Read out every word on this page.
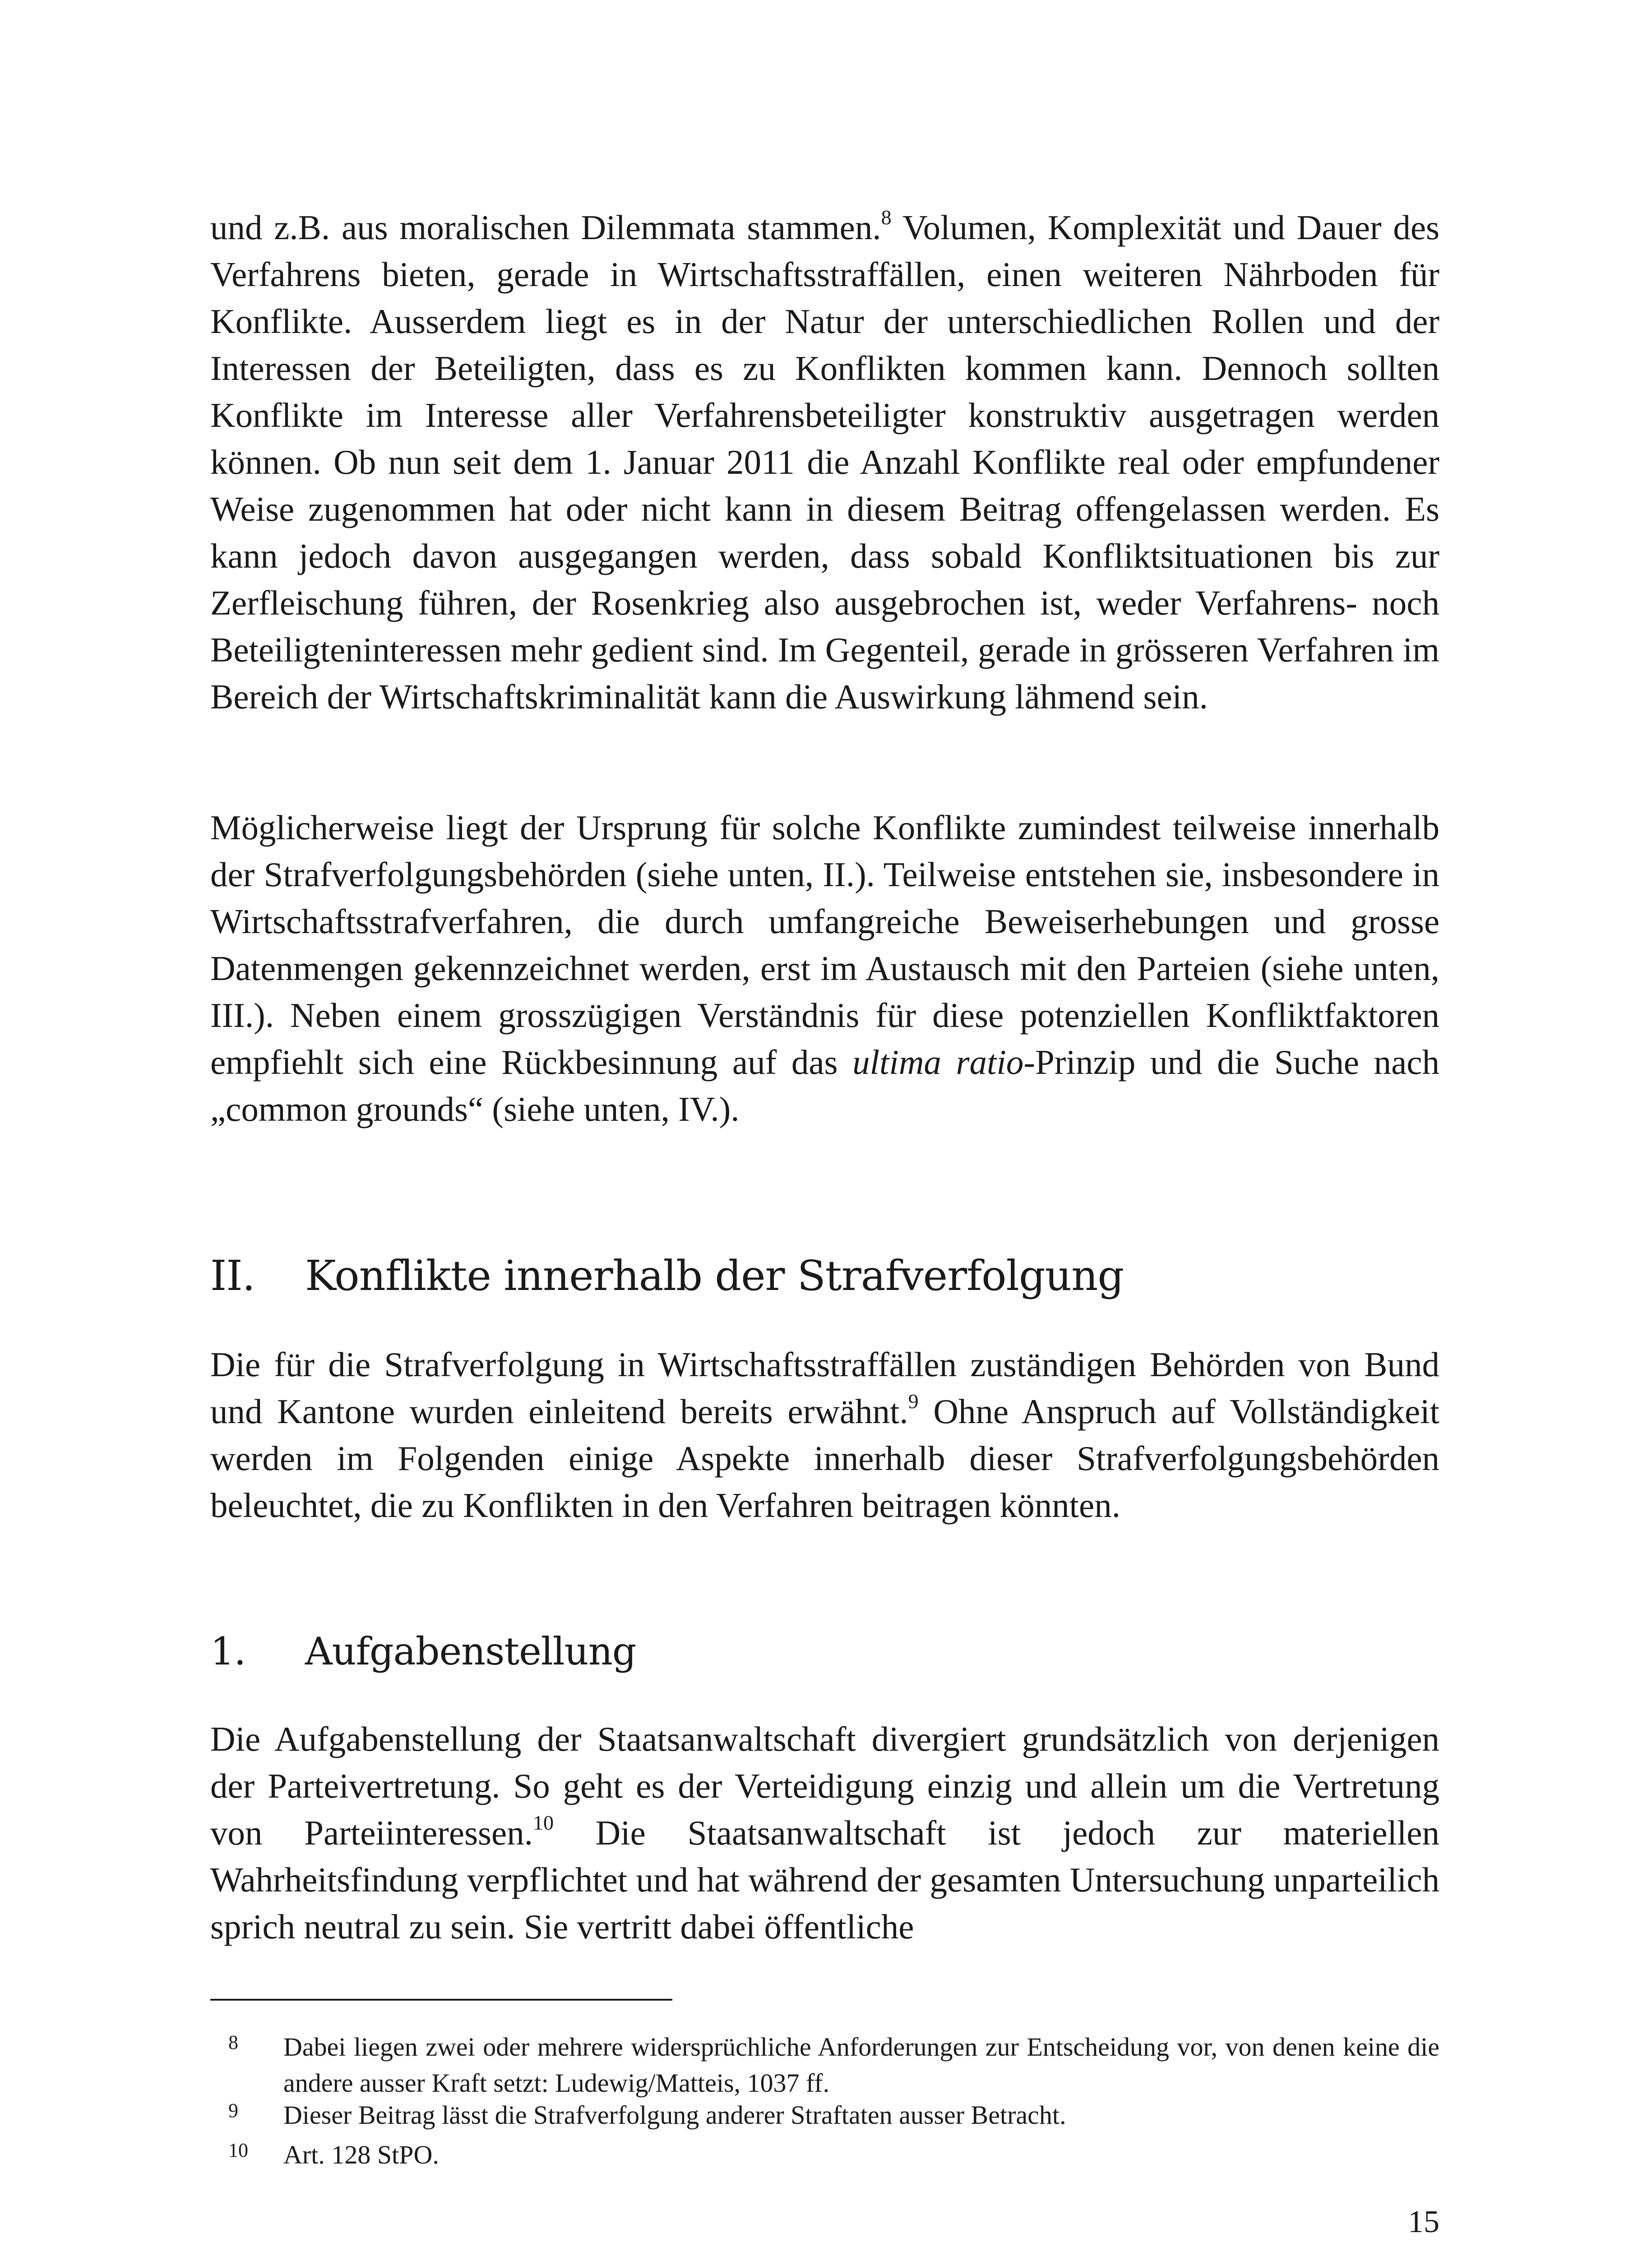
und z.B. aus moralischen Dilemmata stammen.$^8$ Volumen, Komplexität und Dauer des Verfahrens bieten, gerade in Wirtschaftsstraffällen, einen weiteren Nährboden für Konflikte. Ausserdem liegt es in der Natur der unterschiedlichen Rollen und der Interessen der Beteiligten, dass es zu Konflikten kommen kann. Dennoch sollten Konflikte im Interesse aller Verfahrensbeteiligter konstruktiv ausgetragen werden können. Ob nun seit dem 1. Januar 2011 die Anzahl Konflikte real oder empfundener Weise zugenommen hat oder nicht kann in diesem Beitrag offengelassen werden. Es kann jedoch davon ausgegangen werden, dass sobald Konfliktsituationen bis zur Zerfleischung führen, der Rosenkrieg also ausgebrochen ist, weder Verfahrens- noch Beteiligteninteressen mehr gedient sind. Im Gegenteil, gerade in grösseren Verfahren im Bereich der Wirtschaftskriminalität kann die Auswirkung lähmend sein.

Möglicherweise liegt der Ursprung für solche Konflikte zumindest teilweise innerhalb der Strafverfolgungsbehörden (siehe unten, II.). Teilweise entstehen sie, insbesondere in Wirtschaftsstrafverfahren, die durch umfangreiche Beweiserhebungen und grosse Datenmengen gekennzeichnet werden, erst im Austausch mit den Parteien (siehe unten, III.). Neben einem grosszügigen Verständnis für diese potenziellen Konfliktfaktoren empfiehlt sich eine Rückbesinnung auf das ultima ratio-Prinzip und die Suche nach „common grounds“ (siehe unten, IV.).

II. Konflikte innerhalb der Strafverfolgung

Die für die Strafverfolgung in Wirtschaftsstraffällen zuständigen Behörden von Bund und Kantone wurden einleitend bereits erwähnt.$^9$ Ohne Anspruch auf Vollständigkeit werden im Folgenden einige Aspekte innerhalb dieser Strafverfolgungsbehörden beleuchtet, die zu Konflikten in den Verfahren beitragen könnten.

1. Aufgabenstellung

Die Aufgabenstellung der Staatsanwaltschaft divergiert grundsätzlich von derjenigen der Parteivertretung. So geht es der Verteidigung einzig und allein um die Vertretung von Parteiinteressen.$^{10}$ Die Staatsanwaltschaft ist jedoch zur materiellen Wahrheitsfindung verpflichtet und hat während der gesamten Untersuchung unparteilich sprich neutral zu sein. Sie vertritt dabei öffentliche

8 Dabei liegen zwei oder mehrere widersprüchliche Anforderungen zur Entscheidung vor, von denen keine die andere ausser Kraft setzt: Ludewig/Matteis, 1037 ff.
9 Dieser Beitrag lässt die Strafverfolgung anderer Straftaten ausser Betracht.
10 Art. 128 StPO.
15
